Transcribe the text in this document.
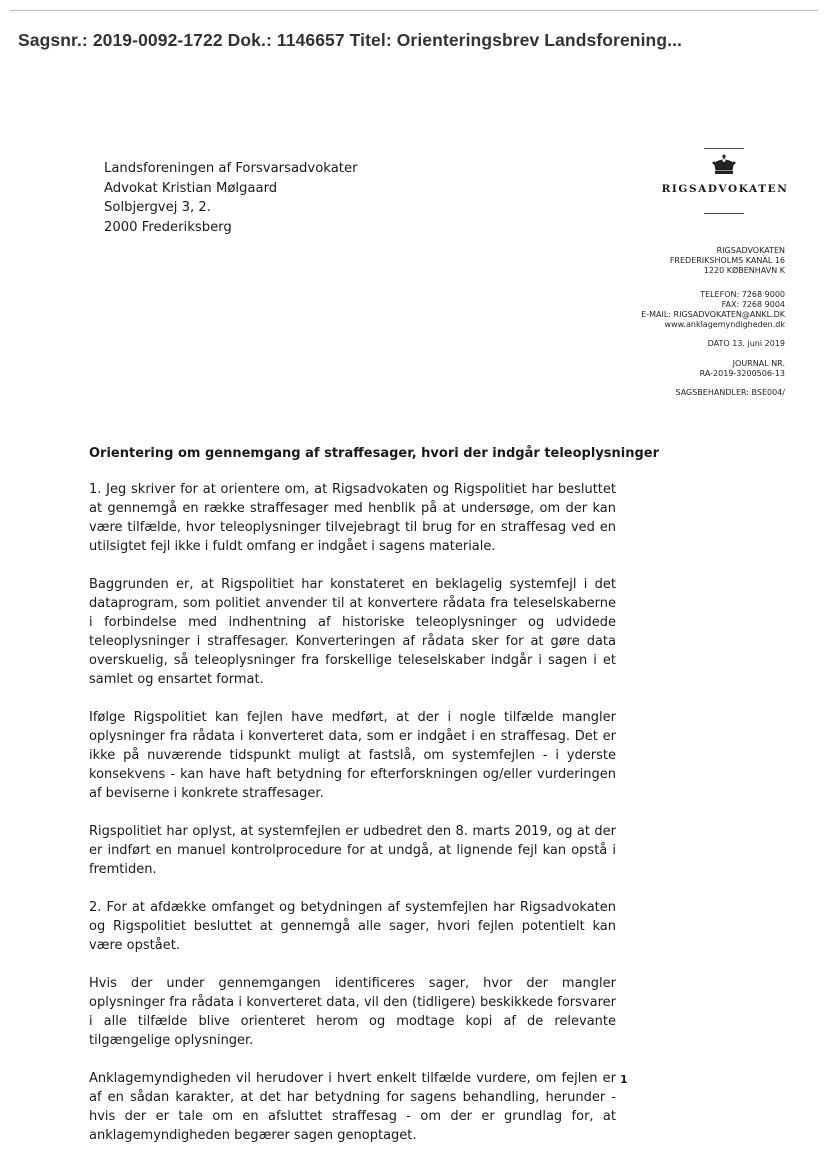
Sagsnr.: 2019-0092-1722 Dok.: 1146657 Titel: Orienteringsbrev Landsforening...
Landsforeningen af Forsvarsadvokater
Advokat Kristian Mølgaard
Solbjergvej 3, 2.
2000 Frederiksberg
RIGSADVOKATEN
RIGSADVOKATEN
FREDERIKSHOLMS KANAL 16
1220 KØBENHAVN K
TELEFON: 7268 9000
FAX: 7268 9004
E-MAIL: RIGSADVOKATEN@ANKL.DK
www.anklagemyndigheden.dk
DATO 13. juni 2019
JOURNAL NR.
RA-2019-3200506-13
SAGSBEHANDLER: BSE004/
Orientering om gennemgang af straffesager, hvori der indgår teleoplysninger

1. Jeg skriver for at orientere om, at Rigsadvokaten og Rigspolitiet har besluttet at gennemgå en række straffesager med henblik på at undersøge, om der kan være tilfælde, hvor teleoplysninger tilvejebragt til brug for en straffesag ved en utilsigtet fejl ikke i fuldt omfang er indgået i sagens materiale.

Baggrunden er, at Rigspolitiet har konstateret en beklagelig systemfejl i det dataprogram, som politiet anvender til at konvertere rådata fra teleselskaberne i forbindelse med indhentning af historiske teleoplysninger og udvidede teleoplysninger i straffesager. Konverteringen af rådata sker for at gøre data overskuelig, så teleoplysninger fra forskellige teleselskaber indgår i sagen i et samlet og ensartet format.

Ifølge Rigspolitiet kan fejlen have medført, at der i nogle tilfælde mangler oplysninger fra rådata i konverteret data, som er indgået i en straffesag. Det er ikke på nuværende tidspunkt muligt at fastslå, om systemfejlen - i yderste konsekvens - kan have haft betydning for efterforskningen og/eller vurderingen af beviserne i konkrete straffesager.

Rigspolitiet har oplyst, at systemfejlen er udbedret den 8. marts 2019, og at der er indført en manuel kontrolprocedure for at undgå, at lignende fejl kan opstå i fremtiden.

2. For at afdække omfanget og betydningen af systemfejlen har Rigsadvokaten og Rigspolitiet besluttet at gennemgå alle sager, hvori fejlen potentielt kan være opstået.

Hvis der under gennemgangen identificeres sager, hvor der mangler oplysninger fra rådata i konverteret data, vil den (tidligere) beskikkede forsvarer i alle tilfælde blive orienteret herom og modtage kopi af de relevante tilgængelige oplysninger.

Anklagemyndigheden vil herudover i hvert enkelt tilfælde vurdere, om fejlen er af en sådan karakter, at det har betydning for sagens behandling, herunder - hvis der er tale om en afsluttet straffesag - om der er grundlag for, at anklagemyndigheden begærer sagen genoptaget.

1
